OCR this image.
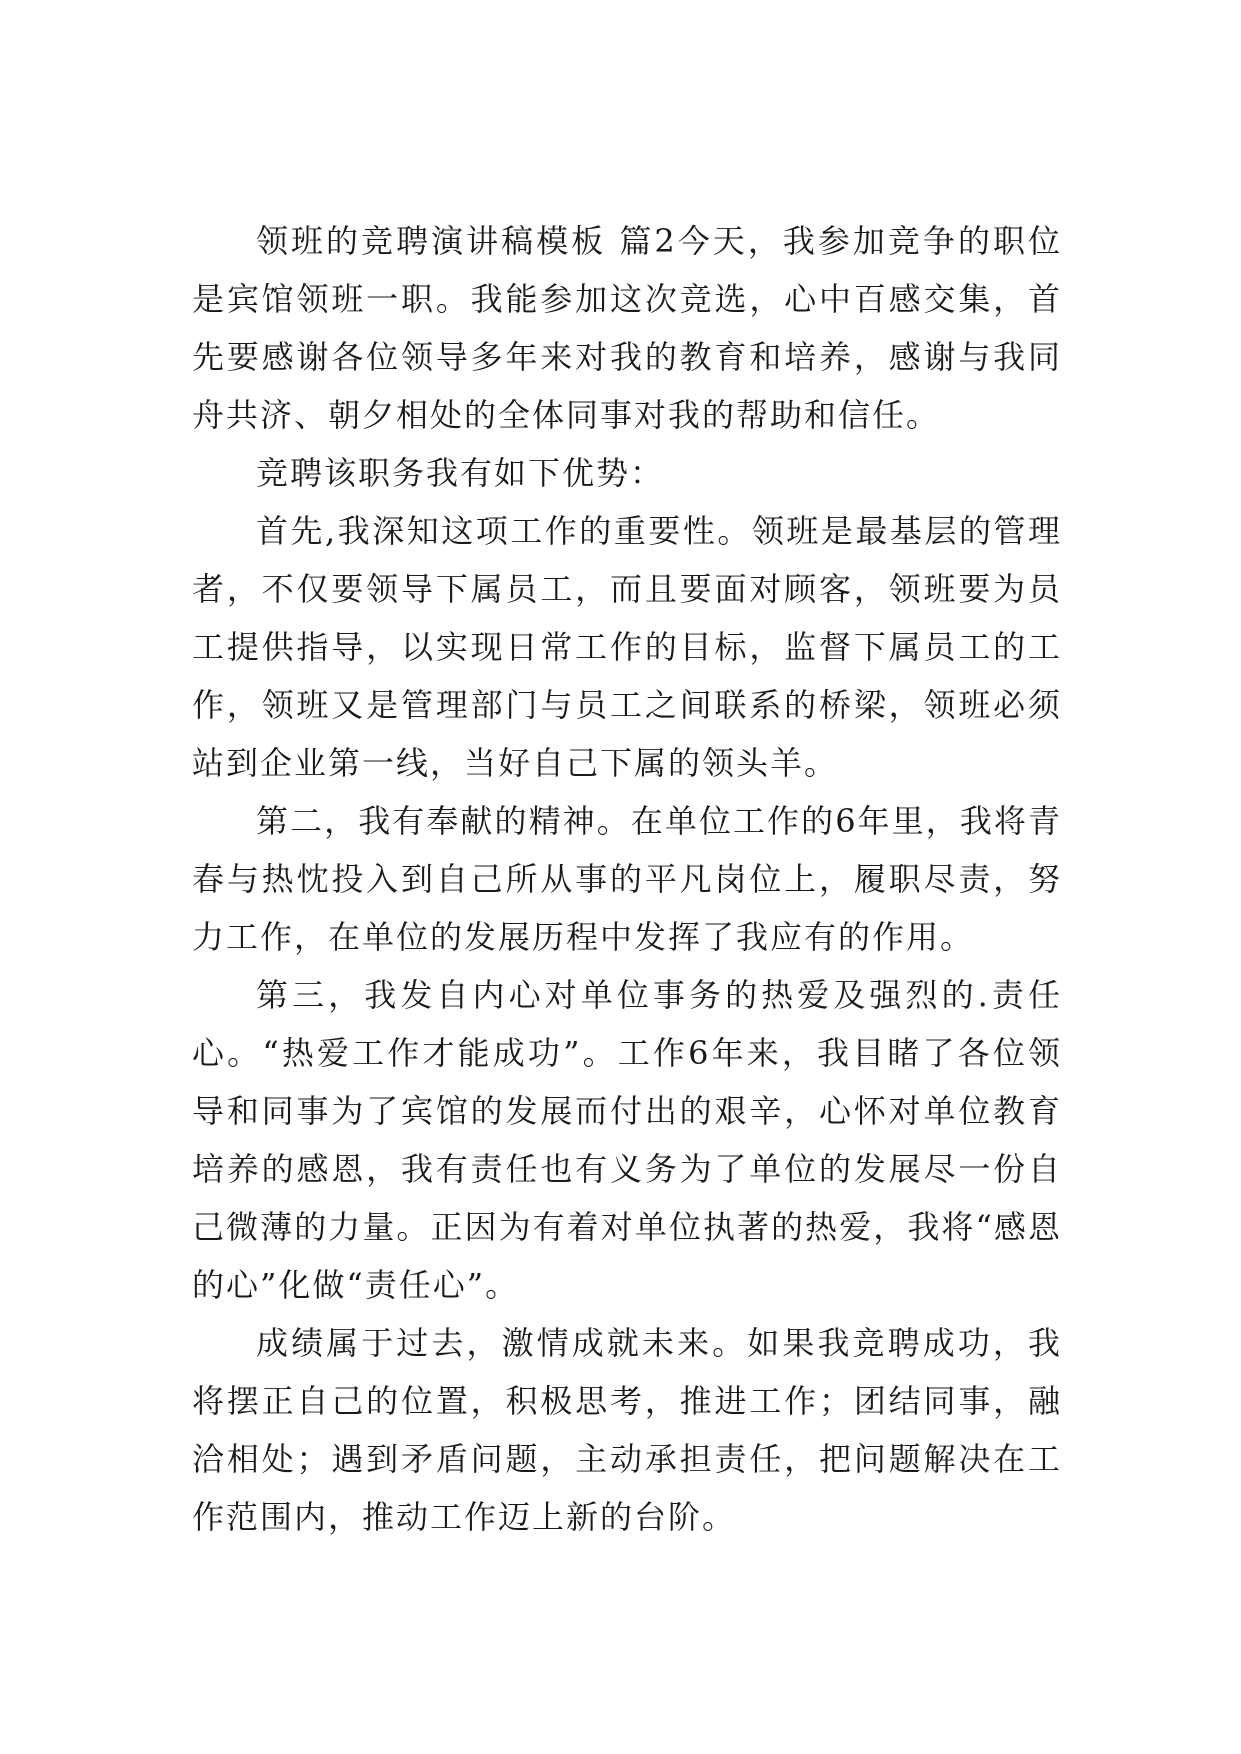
领班的竞聘演讲稿模板 篇2今天，我参加竞争的职位是宾馆领班一职。我能参加这次竞选，心中百感交集，首先要感谢各位领导多年来对我的教育和培养，感谢与我同舟共济、朝夕相处的全体同事对我的帮助和信任。

竞聘该职务我有如下优势：

首先,我深知这项工作的重要性。领班是最基层的管理者，不仅要领导下属员工，而且要面对顾客，领班要为员工提供指导，以实现日常工作的目标，监督下属员工的工作，领班又是管理部门与员工之间联系的桥梁，领班必须站到企业第一线，当好自己下属的领头羊。

第二，我有奉献的精神。在单位工作的6年里，我将青春与热忱投入到自己所从事的平凡岗位上，履职尽责，努力工作，在单位的发展历程中发挥了我应有的作用。

第三，我发自内心对单位事务的热爱及强烈的.责任心。“热爱工作才能成功”。工作6年来，我目睹了各位领导和同事为了宾馆的发展而付出的艰辛，心怀对单位教育培养的感恩，我有责任也有义务为了单位的发展尽一份自己微薄的力量。正因为有着对单位执著的热爱，我将“感恩的心”化做“责任心”。

成绩属于过去，激情成就未来。如果我竞聘成功，我将摆正自己的位置，积极思考，推进工作；团结同事，融洽相处；遇到矛盾问题，主动承担责任，把问题解决在工作范围内，推动工作迈上新的台阶。
